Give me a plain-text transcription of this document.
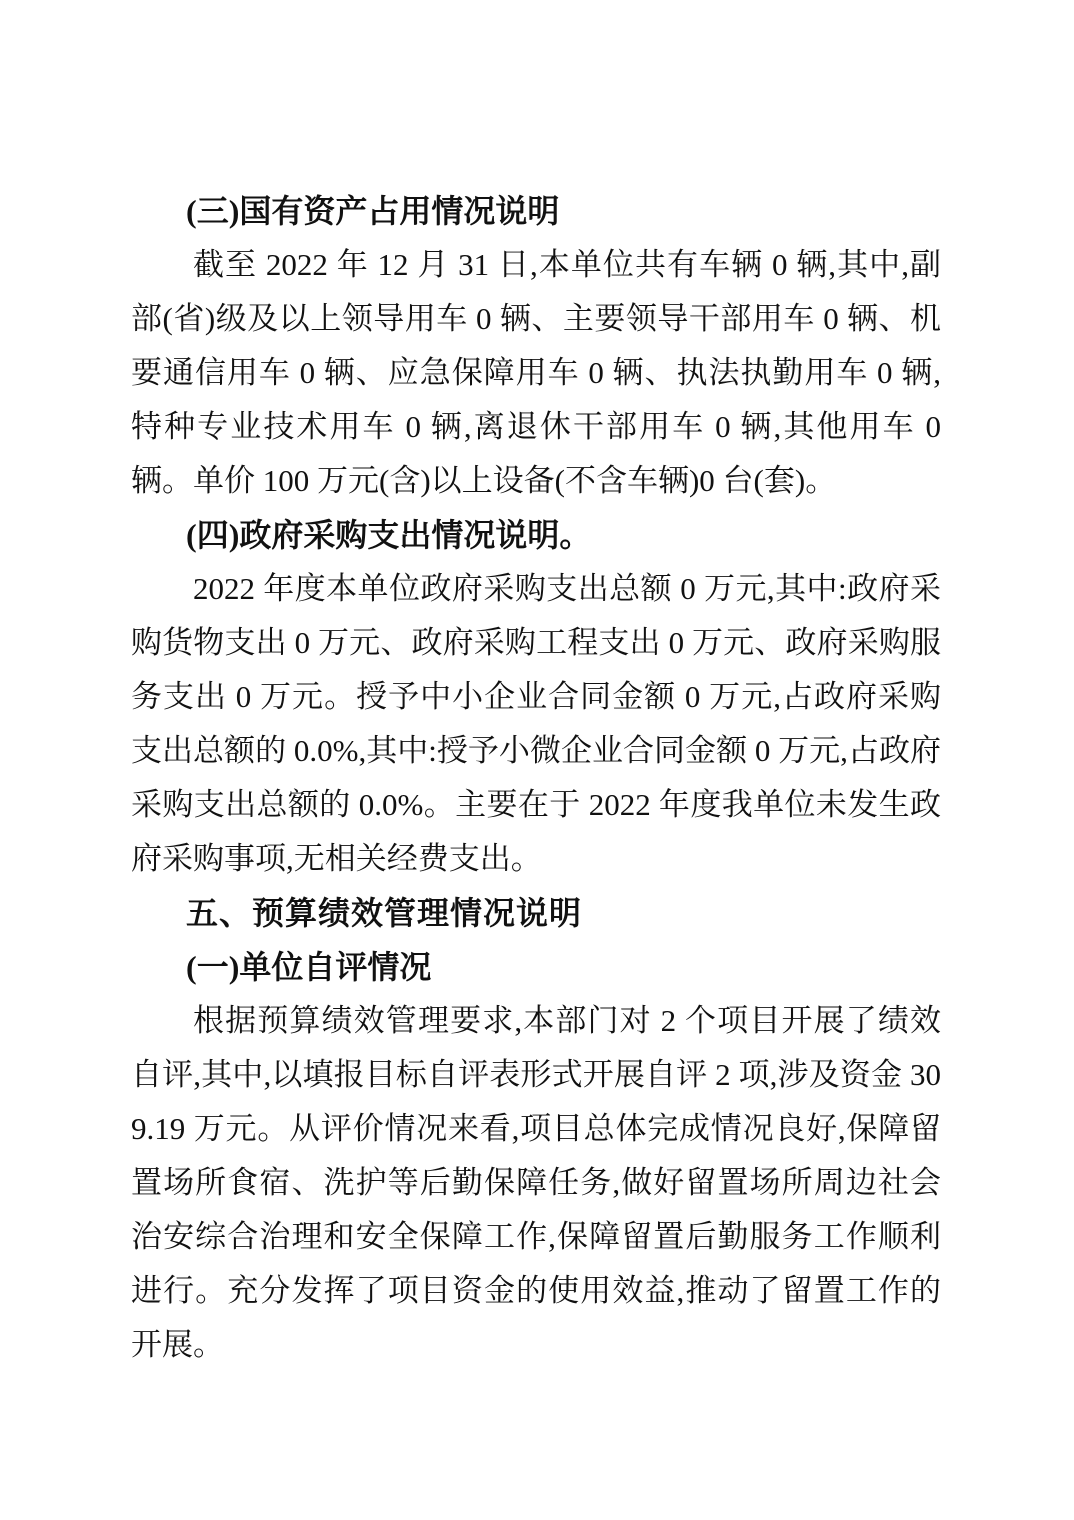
(三)国有资产占用情况说明

截至 2022 年 12 月 31 日,本单位共有车辆 0 辆,其中,副部(省)级及以上领导用车 0 辆、主要领导干部用车 0 辆、机要通信用车 0 辆、应急保障用车 0 辆、执法执勤用车 0 辆,特种专业技术用车 0 辆,离退休干部用车 0 辆,其他用车 0 辆。单价 100 万元(含)以上设备(不含车辆)0 台(套)。

(四)政府采购支出情况说明。

2022 年度本单位政府采购支出总额 0 万元,其中:政府采购货物支出 0 万元、政府采购工程支出 0 万元、政府采购服务支出 0 万元。授予中小企业合同金额 0 万元,占政府采购支出总额的 0.0%,其中:授予小微企业合同金额 0 万元,占政府采购支出总额的 0.0%。主要在于 2022 年度我单位未发生政府采购事项,无相关经费支出。

五、预算绩效管理情况说明
(一)单位自评情况

根据预算绩效管理要求,本部门对 2 个项目开展了绩效自评,其中,以填报目标自评表形式开展自评 2 项,涉及资金 309.19 万元。从评价情况来看,项目总体完成情况良好,保障留置场所食宿、洗护等后勤保障任务,做好留置场所周边社会治安综合治理和安全保障工作,保障留置后勤服务工作顺利进行。充分发挥了项目资金的使用效益,推动了留置工作的开展。
